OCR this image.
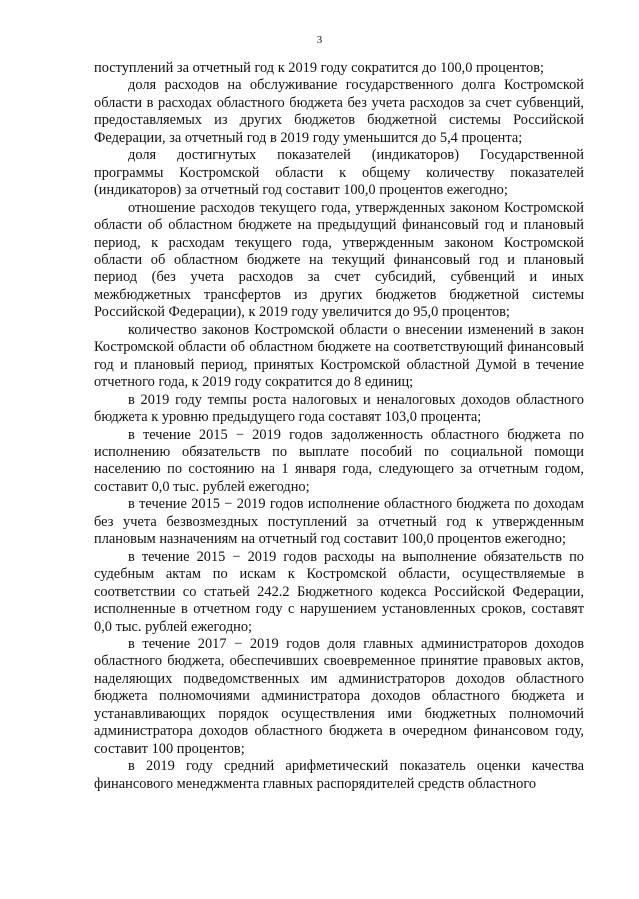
3

поступлений за отчетный год к 2019 году сократится до 100,0 процентов;

доля расходов на обслуживание государственного долга Костромской области в расходах областного бюджета без учета расходов за счет субвенций, предоставляемых из других бюджетов бюджетной системы Российской Федерации, за отчетный год в 2019 году уменьшится до 5,4 процента;

доля достигнутых показателей (индикаторов) Государственной программы Костромской области к общему количеству показателей (индикаторов) за отчетный год составит 100,0 процентов ежегодно;

отношение расходов текущего года, утвержденных законом Костромской области об областном бюджете на предыдущий финансовый год и плановый период, к расходам текущего года, утвержденным законом Костромской области об областном бюджете на текущий финансовый год и плановый период (без учета расходов за счет субсидий, субвенций и иных межбюджетных трансфертов из других бюджетов бюджетной системы Российской Федерации), к 2019 году увеличится до 95,0 процентов;

количество законов Костромской области о внесении изменений в закон Костромской области об областном бюджете на соответствующий финансовый год и плановый период, принятых Костромской областной Думой в течение отчетного года, к 2019 году сократится до 8 единиц;

в 2019 году темпы роста налоговых и неналоговых доходов областного бюджета к уровню предыдущего года составят 103,0 процента;

в течение 2015 − 2019 годов задолженность областного бюджета по исполнению обязательств по выплате пособий по социальной помощи населению по состоянию на 1 января года, следующего за отчетным годом, составит 0,0 тыс. рублей ежегодно;

в течение 2015 − 2019 годов исполнение областного бюджета по доходам без учета безвозмездных поступлений за отчетный год к утвержденным плановым назначениям на отчетный год составит 100,0 процентов ежегодно;

в течение 2015 − 2019 годов расходы на выполнение обязательств по судебным актам по искам к Костромской области, осуществляемые в соответствии со статьей 242.2 Бюджетного кодекса Российской Федерации, исполненные в отчетном году с нарушением установленных сроков, составят 0,0 тыс. рублей ежегодно;

в течение 2017 − 2019 годов доля главных администраторов доходов областного бюджета, обеспечивших своевременное принятие правовых актов, наделяющих подведомственных им администраторов доходов областного бюджета полномочиями администратора доходов областного бюджета и устанавливающих порядок осуществления ими бюджетных полномочий администратора доходов областного бюджета в очередном финансовом году, составит 100 процентов;

в 2019 году средний арифметический показатель оценки качества финансового менеджмента главных распорядителей средств областного
